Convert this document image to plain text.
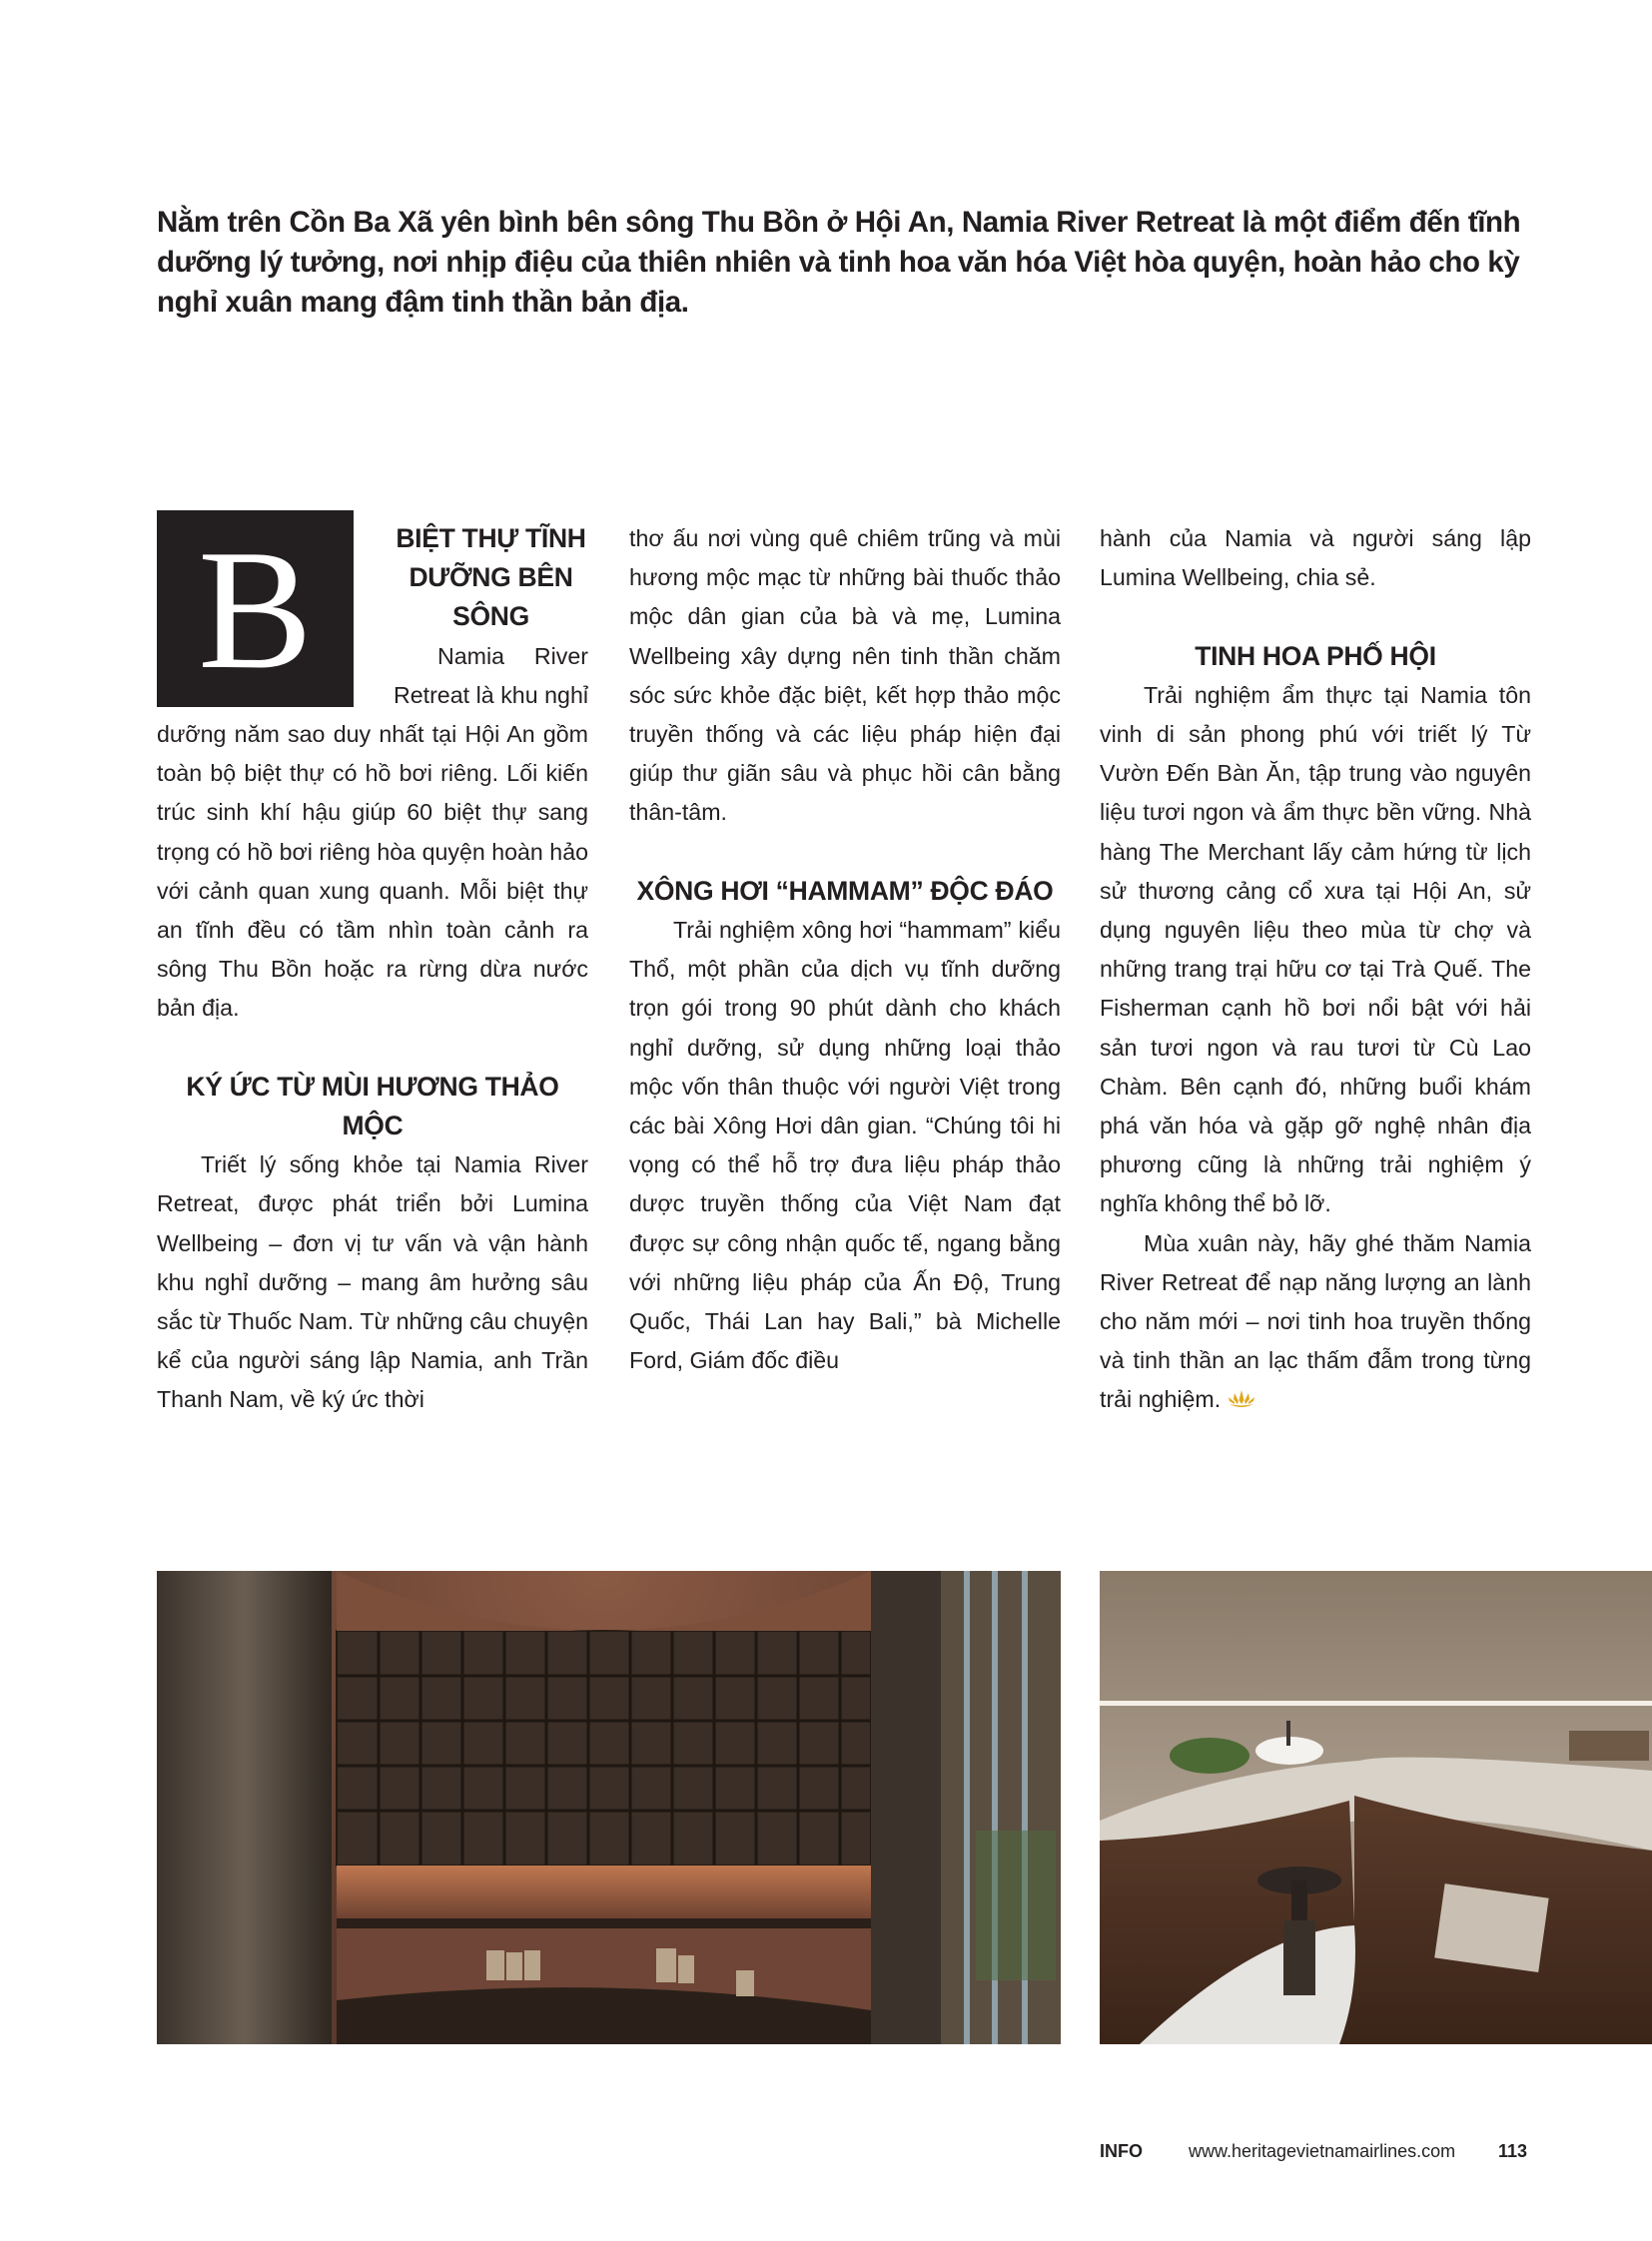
Nằm trên Cồn Ba Xã yên bình bên sông Thu Bồn ở Hội An, Namia River Retreat là một điểm đến tĩnh dưỡng lý tưởng, nơi nhịp điệu của thiên nhiên và tinh hoa văn hóa Việt hòa quyện, hoàn hảo cho kỳ nghỉ xuân mang đậm tinh thần bản địa.

B	BIỆT THỰ TĨNH DƯỠNG BÊN SÔNG

Namia River Retreat là khu nghỉ dưỡng năm sao duy nhất tại Hội An gồm toàn bộ biệt thự có hồ bơi riêng. Lối kiến trúc sinh khí hậu giúp 60 biệt thự sang trọng có hồ bơi riêng hòa quyện hoàn hảo với cảnh quan xung quanh. Mỗi biệt thự an tĩnh đều có tầm nhìn toàn cảnh ra sông Thu Bồn hoặc ra rừng dừa nước bản địa.

KÝ ỨC TỪ MÙI HƯƠNG THẢO MỘC

Triết lý sống khỏe tại Namia River Retreat, được phát triển bởi Lumina Wellbeing – đơn vị tư vấn và vận hành khu nghỉ dưỡng – mang âm hưởng sâu sắc từ Thuốc Nam. Từ những câu chuyện kể của người sáng lập Namia, anh Trần Thanh Nam, về ký ức thời

thơ ấu nơi vùng quê chiêm trũng và mùi hương mộc mạc từ những bài thuốc thảo mộc dân gian của bà và mẹ, Lumina Wellbeing xây dựng nên tinh thần chăm sóc sức khỏe đặc biệt, kết hợp thảo mộc truyền thống và các liệu pháp hiện đại giúp thư giãn sâu và phục hồi cân bằng thân-tâm.

XÔNG HƠI “HAMMAM” ĐỘC ĐÁO

Trải nghiệm xông hơi “hammam” kiểu Thổ, một phần của dịch vụ tĩnh dưỡng trọn gói trong 90 phút dành cho khách nghỉ dưỡng, sử dụng những loại thảo mộc vốn thân thuộc với người Việt trong các bài Xông Hơi dân gian. “Chúng tôi hi vọng có thể hỗ trợ đưa liệu pháp thảo dược truyền thống của Việt Nam đạt được sự công nhận quốc tế, ngang bằng với những liệu pháp của Ấn Độ, Trung Quốc, Thái Lan hay Bali,” bà Michelle Ford, Giám đốc điều

hành của Namia và người sáng lập Lumina Wellbeing, chia sẻ.

TINH HOA PHỐ HỘI

Trải nghiệm ẩm thực tại Namia tôn vinh di sản phong phú với triết lý Từ Vườn Đến Bàn Ăn, tập trung vào nguyên liệu tươi ngon và ẩm thực bền vững. Nhà hàng The Merchant lấy cảm hứng từ lịch sử thương cảng cổ xưa tại Hội An, sử dụng nguyên liệu theo mùa từ chợ và những trang trại hữu cơ tại Trà Quế. The Fisherman cạnh hồ bơi nổi bật với hải sản tươi ngon và rau tươi từ Cù Lao Chàm. Bên cạnh đó, những buổi khám phá văn hóa và gặp gỡ nghệ nhân địa phương cũng là những trải nghiệm ý nghĩa không thể bỏ lỡ.

Mùa xuân này, hãy ghé thăm Namia River Retreat để nạp năng lượng an lành cho năm mới – nơi tinh hoa truyền thống và tinh thần an lạc thấm đẫm trong từng trải nghiệm.

INFO	www.heritagevietnamairlines.com	113
